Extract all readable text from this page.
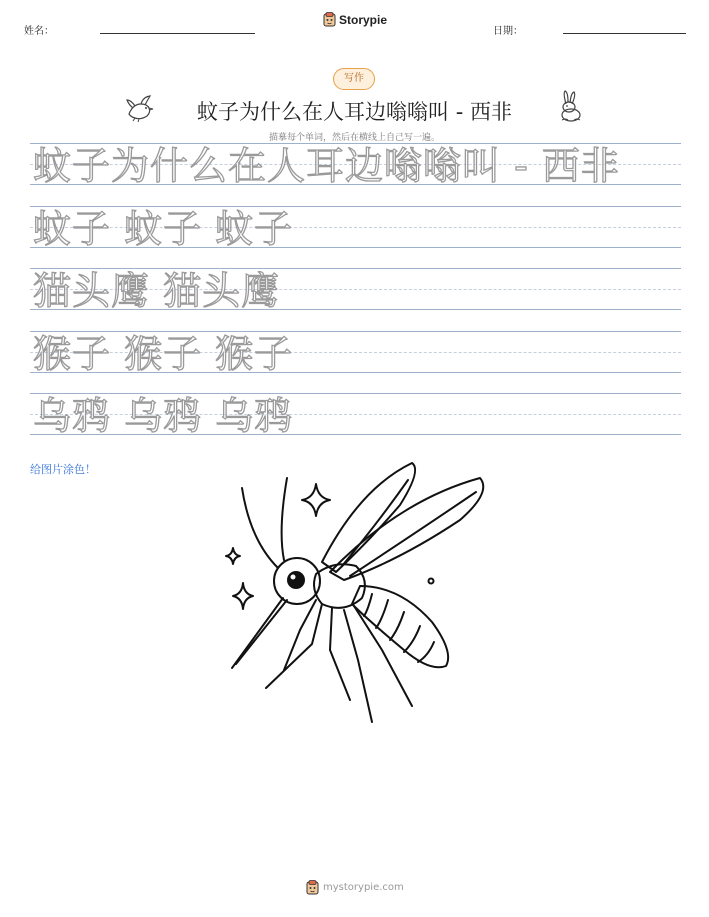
姓名：
Storypie
日期：
写作
蚊子为什么在人耳边嗡嗡叫 - 西非
描摹每个单词，然后在横线上自己写一遍。
蚊子为什么在人耳边嗡嗡叫 - 西非
蚊子 蚊子 蚊子
猫头鹰 猫头鹰
猴子 猴子 猴子
乌鸦 乌鸦 乌鸦
给图片涂色！
mystorypie.com
